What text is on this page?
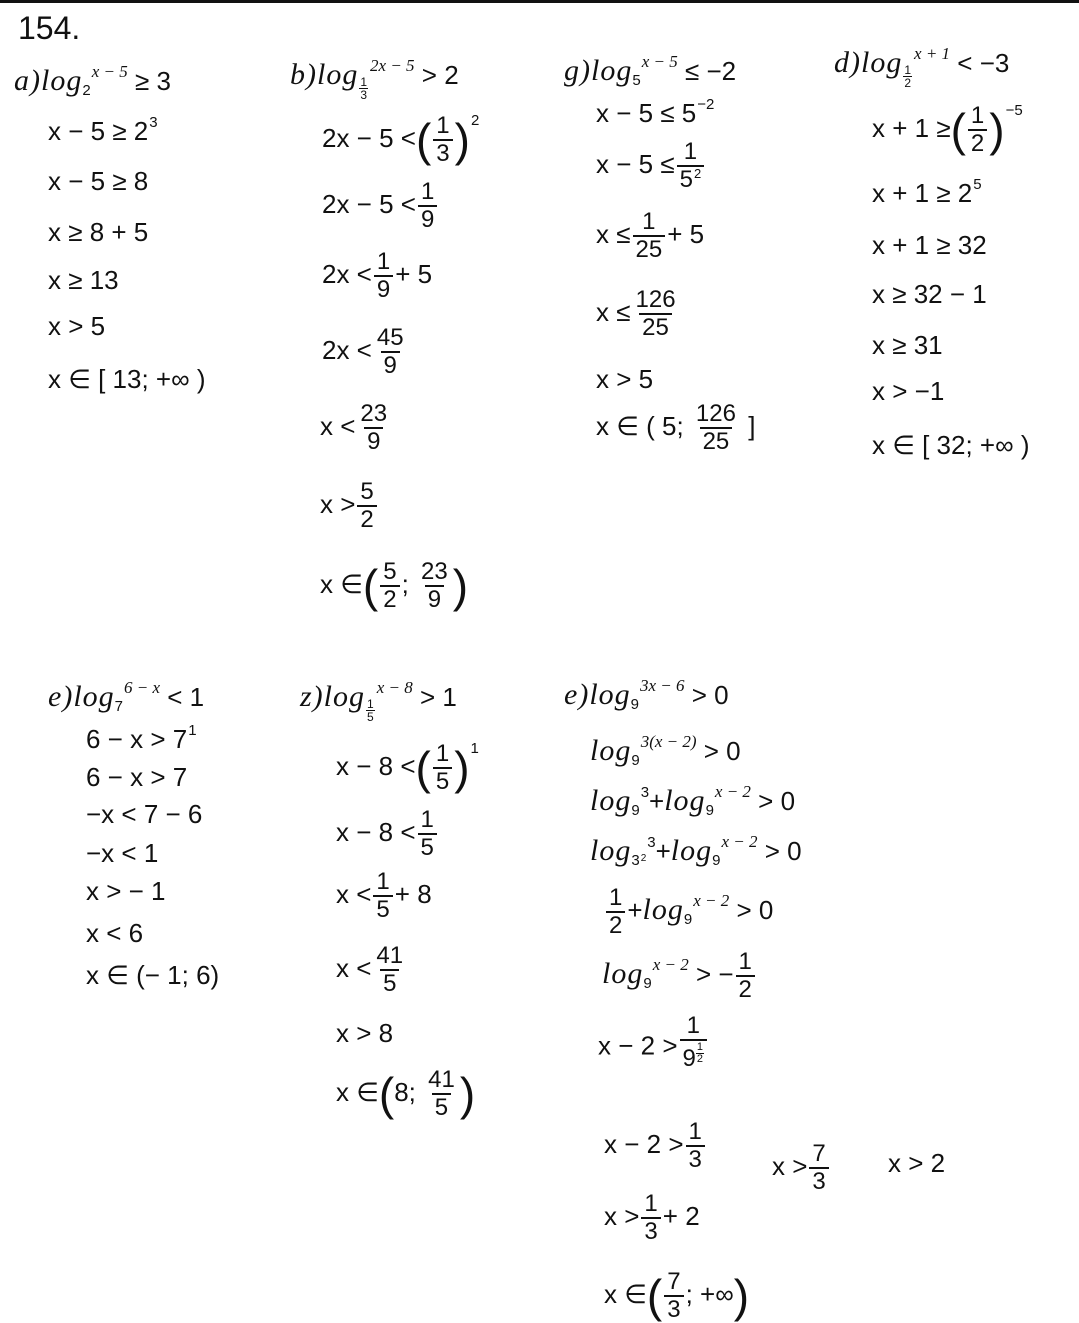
154.
$a)\log_2^{x - 5} \ge 3$
$x - 5 \ge 2^3$
x − 5 ≥ 8
x ≥ 8 + 5
x ≥ 13
x > 5
x ∈ [ 13; +∞ )
$b)\log \frac{1}{3}$
$^{2x - 5}$ > 2
2x − 5 <( $\frac{1}{3} )^2$
$2x - 5 < \frac{1}{9}$
$2x < \frac{1}{9} + 5$
$2x < \frac{45}{9}$
$x < \frac{23}{9}$
$x > \frac{5}{2}$
x ∈( $\frac{5}{2}$ ; $\frac{23}{9}$ )
$g)\log_5^{x - 5} \le -2$
$x - 5 \le 5^{-2}$
$x - 5 \le \frac{1}{5^2}$
$x \le \frac{1}{25} + 5$
$x \le \frac{126}{25}$
x > 5
x ∈ ( 5; $\frac{126}{25}$ ]
$d)\log \frac{1}{2}$
$^{x + 1}$ < −3
x + 1 ≥( $\frac{1}{2} )^{-5}$
$x + 1 \ge 2^5$
x + 1 ≥ 32
x ≥ 32 − 1
x ≥ 31
x > −1
x ∈ [ 32; +∞ )
$e)\log_7^{6 - x} < 1$
$6 - x > 7^1$
6 − x > 7
−x < 7 − 6
−x < 1
x > − 1
x < 6
x ∈ (− 1; 6)
$z)\log \frac{1}{5}$
$^{x - 8}$ > 1
x − 8 <( $\frac{1}{5} )^1$
$x - 8 < \frac{1}{5}$
$x < \frac{1}{5} + 8$
$x < \frac{41}{5}$
x > 8
x ∈(8; $\frac{41}{5}$ )
$e)\log_9^{3x - 6} > 0$
$\log_9^{3(x - 2)} > 0$
$\log_9^3+\log_9^{x - 2} > 0$
$\log_{3^2}^3+\log_9^{x - 2} > 0$
$\frac{1}{2} +\log_9^{x - 2} > 0$
$\log_9^{x - 2}$ > − $\frac{1}{2}$
$x - 2 > \frac{1}{9 \frac{1}{2}}$
$x - 2 > \frac{1}{3}$	$x > \frac{7}{3}$ x > 2
$x > \frac{1}{3} + 2$
x ∈( $\frac{7}{3}$ ; +∞)
